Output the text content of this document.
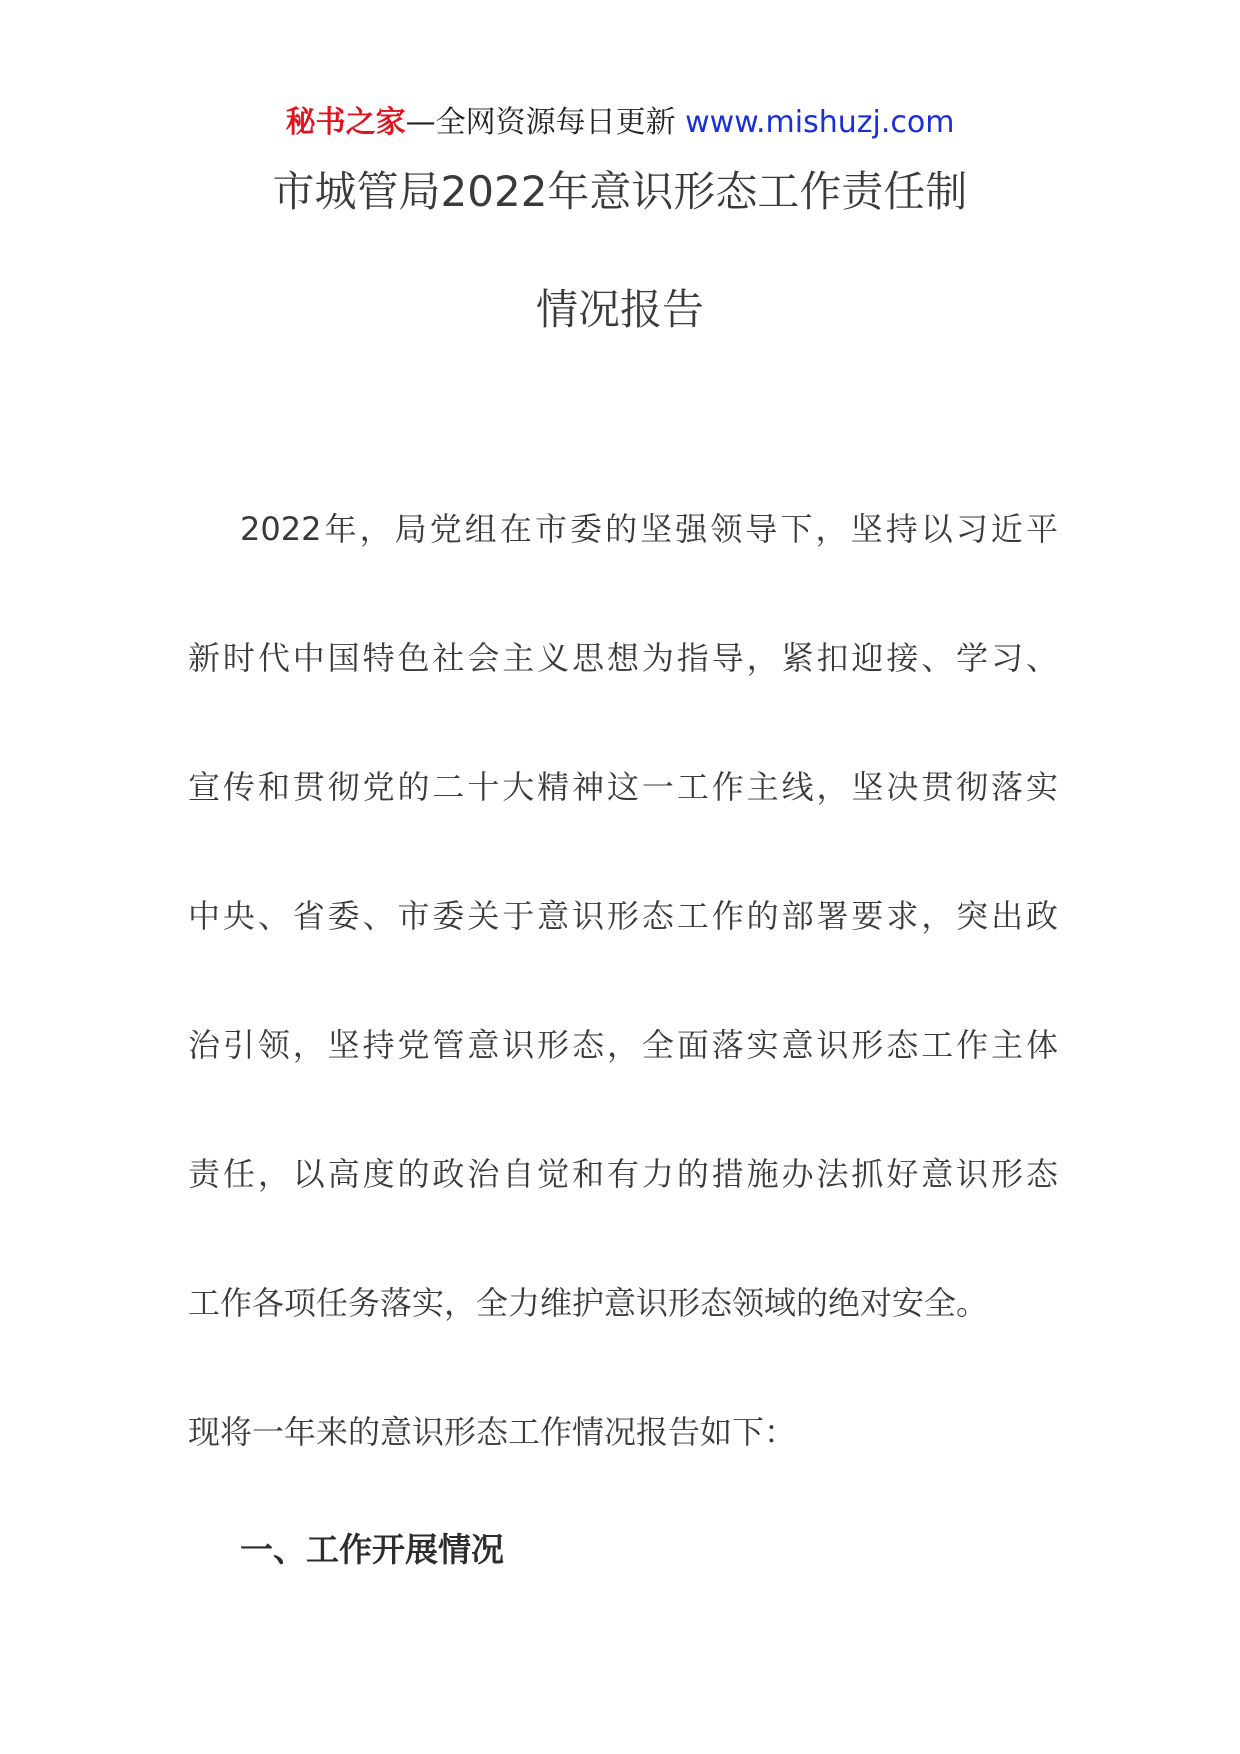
秘书之家—全网资源每日更新 www.mishuzj.com
市城管局2022年意识形态工作责任制
情况报告
2022年，局党组在市委的坚强领导下，坚持以习近平
新时代中国特色社会主义思想为指导，紧扣迎接、学习、
宣传和贯彻党的二十大精神这一工作主线，坚决贯彻落实
中央、省委、市委关于意识形态工作的部署要求，突出政
治引领，坚持党管意识形态，全面落实意识形态工作主体
责任，以高度的政治自觉和有力的措施办法抓好意识形态
工作各项任务落实，全力维护意识形态领域的绝对安全。
现将一年来的意识形态工作情况报告如下：
一、工作开展情况
